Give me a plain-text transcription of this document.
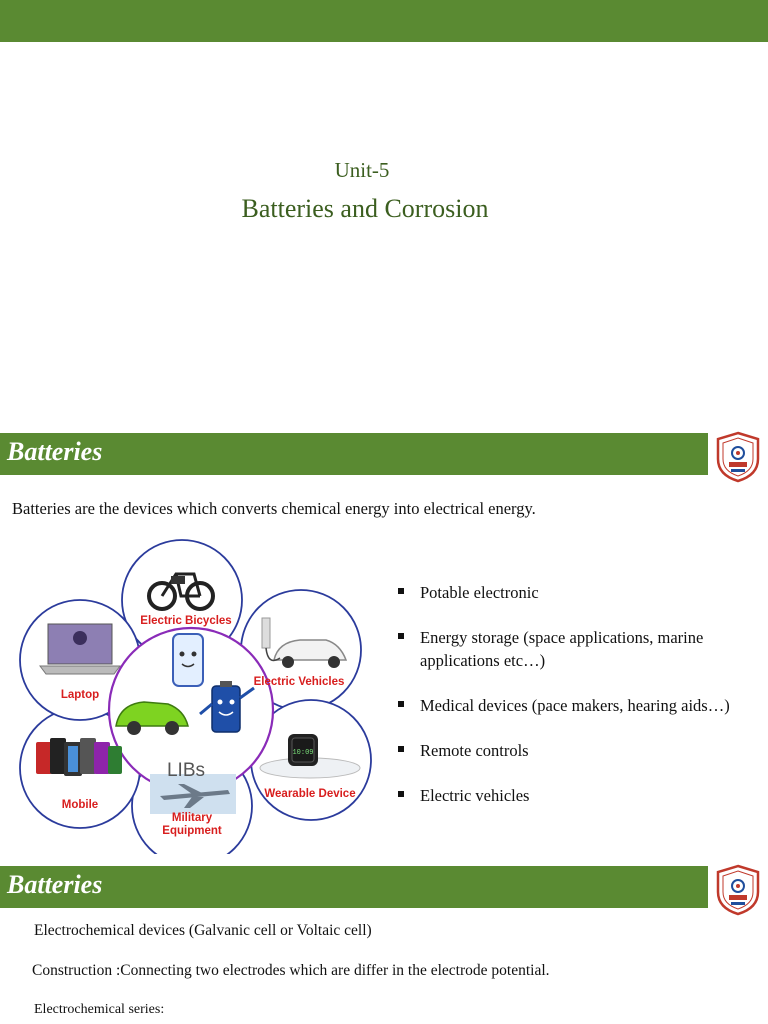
Unit-5
Batteries and Corrosion
Batteries
Batteries are the devices which converts chemical energy into electrical energy.
Electric Bicycles
Electric Vehicles
10:09
Wearable Device
Military
Equipment
Mobile
Laptop
LIBs
Potable electronic
Energy storage (space applications, marine applications etc…)
Medical devices (pace makers, hearing aids…)
Remote controls
Electric vehicles
Batteries
Electrochemical devices (Galvanic cell or Voltaic cell)
Construction :Connecting two electrodes which are differ in the electrode potential.
Electrochemical series:
